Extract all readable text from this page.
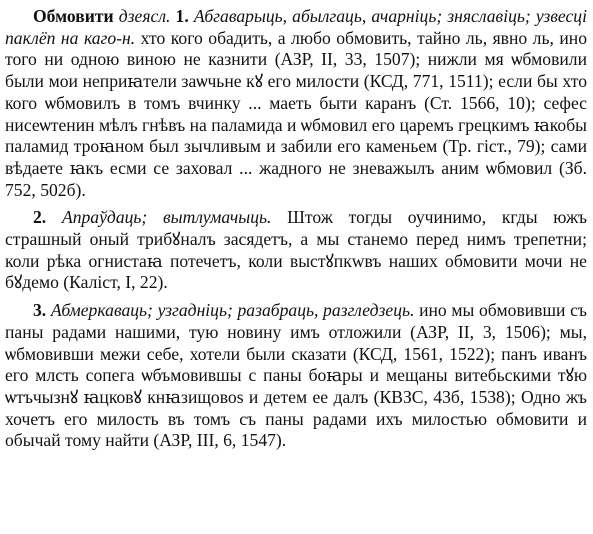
Обмовити дзеясл. 1. Абгаварыць, абылгаць, ачарніць; зняславіць; узвесці паклёп на каго-н. хто кого обадить, а любо обмовить, тайно ль, явно ль, ино того ни одною виною не казнити (АЗР, II, 33, 1507); нижли мя ѡбмовили были мои неприꙗтели заѡчьне кꙋ его милости (КСД, 771, 1511); если бы хто кого ѡбмовилъ в томъ вчинку ... маеть быти каранъ (Ст. 1566, 10); сефес нисеѡтенин мѣлъ гнѣвъ на паламида и ѡбмовил его царемъ грецкимъ ꙗкобы паламид троꙗном был зычливым и забили его каменьем (Тр. гіст., 79); сами вѣдаете ꙗкъ есми се заховал ... жадного не зневажылъ аним ѡбмовил (Зб. 752, 502б).

2. Апраўдаць; вытлумачыць. Штож тогды оучинимо, кгды южъ страшный оный трибꙋналъ засядетъ, а мы станемо перед нимъ трепетни; коли рѣка огнистаꙗ потечетъ, коли выстꙋпкwвъ наших обмовити мочи не бꙋдемо (Каліст, I, 22).

3. Абмеркаваць; узгадніць; разабраць, разгледзець. ино мы обмовивши съ паны радами нашими, тую новину имъ отложили (АЗР, II, 3, 1506); мы, ѡбмовивши межи себе, хотели были сказати (КСД, 1561, 1522); панъ иванъ его млсть сопега ѡбъмовившы с паны боꙗры и мещаны витебьскими тꙋю ѡтъчызнꙋ ꙗцковꙋ кнꙗзищовоѕ и детем ее далъ (КВЗС, 43б, 1538); Одно жъ хочетъ его милость въ томъ съ паны радами ихъ милостью обмовити и обычай тому найти (АЗР, III, 6, 1547).
